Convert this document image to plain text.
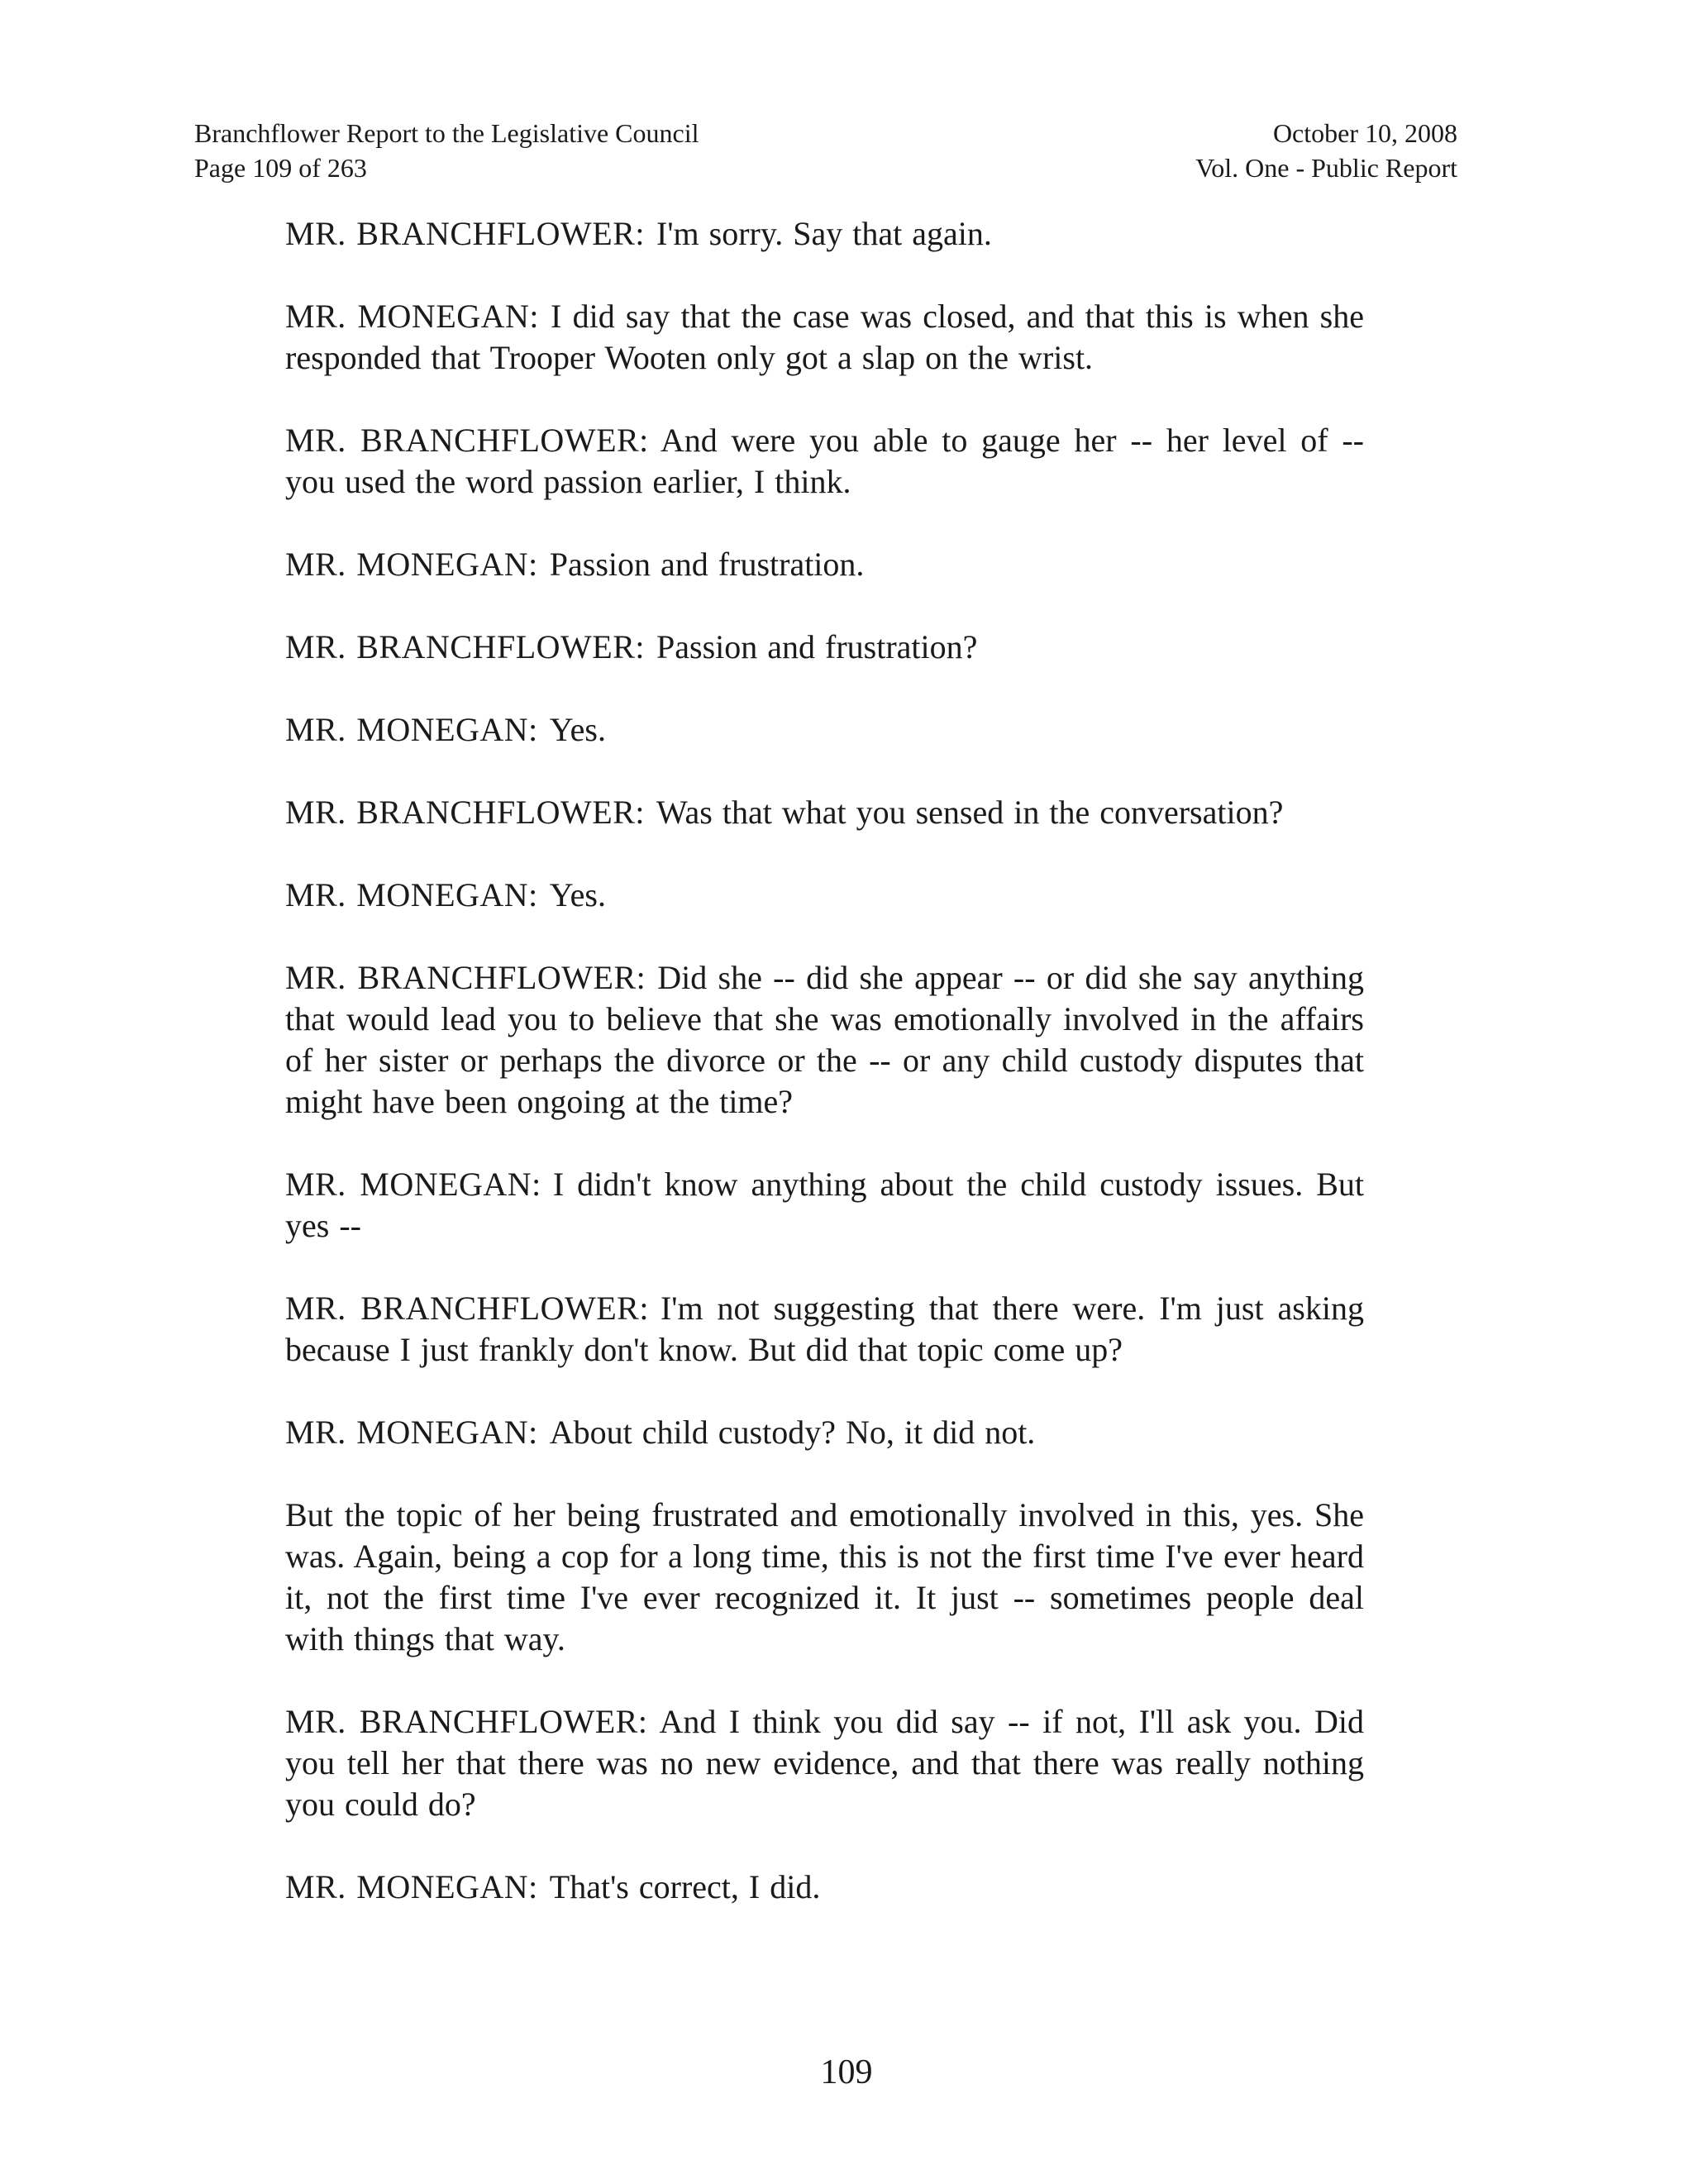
Branchflower Report to the Legislative Council
Page 109 of 263
October 10, 2008
Vol. One - Public Report

MR. BRANCHFLOWER: I'm sorry. Say that again.

MR. MONEGAN: I did say that the case was closed, and that this is when she responded that Trooper Wooten only got a slap on the wrist.

MR. BRANCHFLOWER: And were you able to gauge her -- her level of -- you used the word passion earlier, I think.

MR. MONEGAN: Passion and frustration.

MR. BRANCHFLOWER: Passion and frustration?

MR. MONEGAN: Yes.

MR. BRANCHFLOWER: Was that what you sensed in the conversation?

MR. MONEGAN: Yes.

MR. BRANCHFLOWER: Did she -- did she appear -- or did she say anything that would lead you to believe that she was emotionally involved in the affairs of her sister or perhaps the divorce or the -- or any child custody disputes that might have been ongoing at the time?

MR. MONEGAN: I didn't know anything about the child custody issues. But yes --

MR. BRANCHFLOWER: I'm not suggesting that there were. I'm just asking because I just frankly don't know. But did that topic come up?

MR. MONEGAN: About child custody? No, it did not.

But the topic of her being frustrated and emotionally involved in this, yes. She was. Again, being a cop for a long time, this is not the first time I've ever heard it, not the first time I've ever recognized it. It just -- sometimes people deal with things that way.

MR. BRANCHFLOWER: And I think you did say -- if not, I'll ask you. Did you tell her that there was no new evidence, and that there was really nothing you could do?

MR. MONEGAN: That's correct, I did.

109
